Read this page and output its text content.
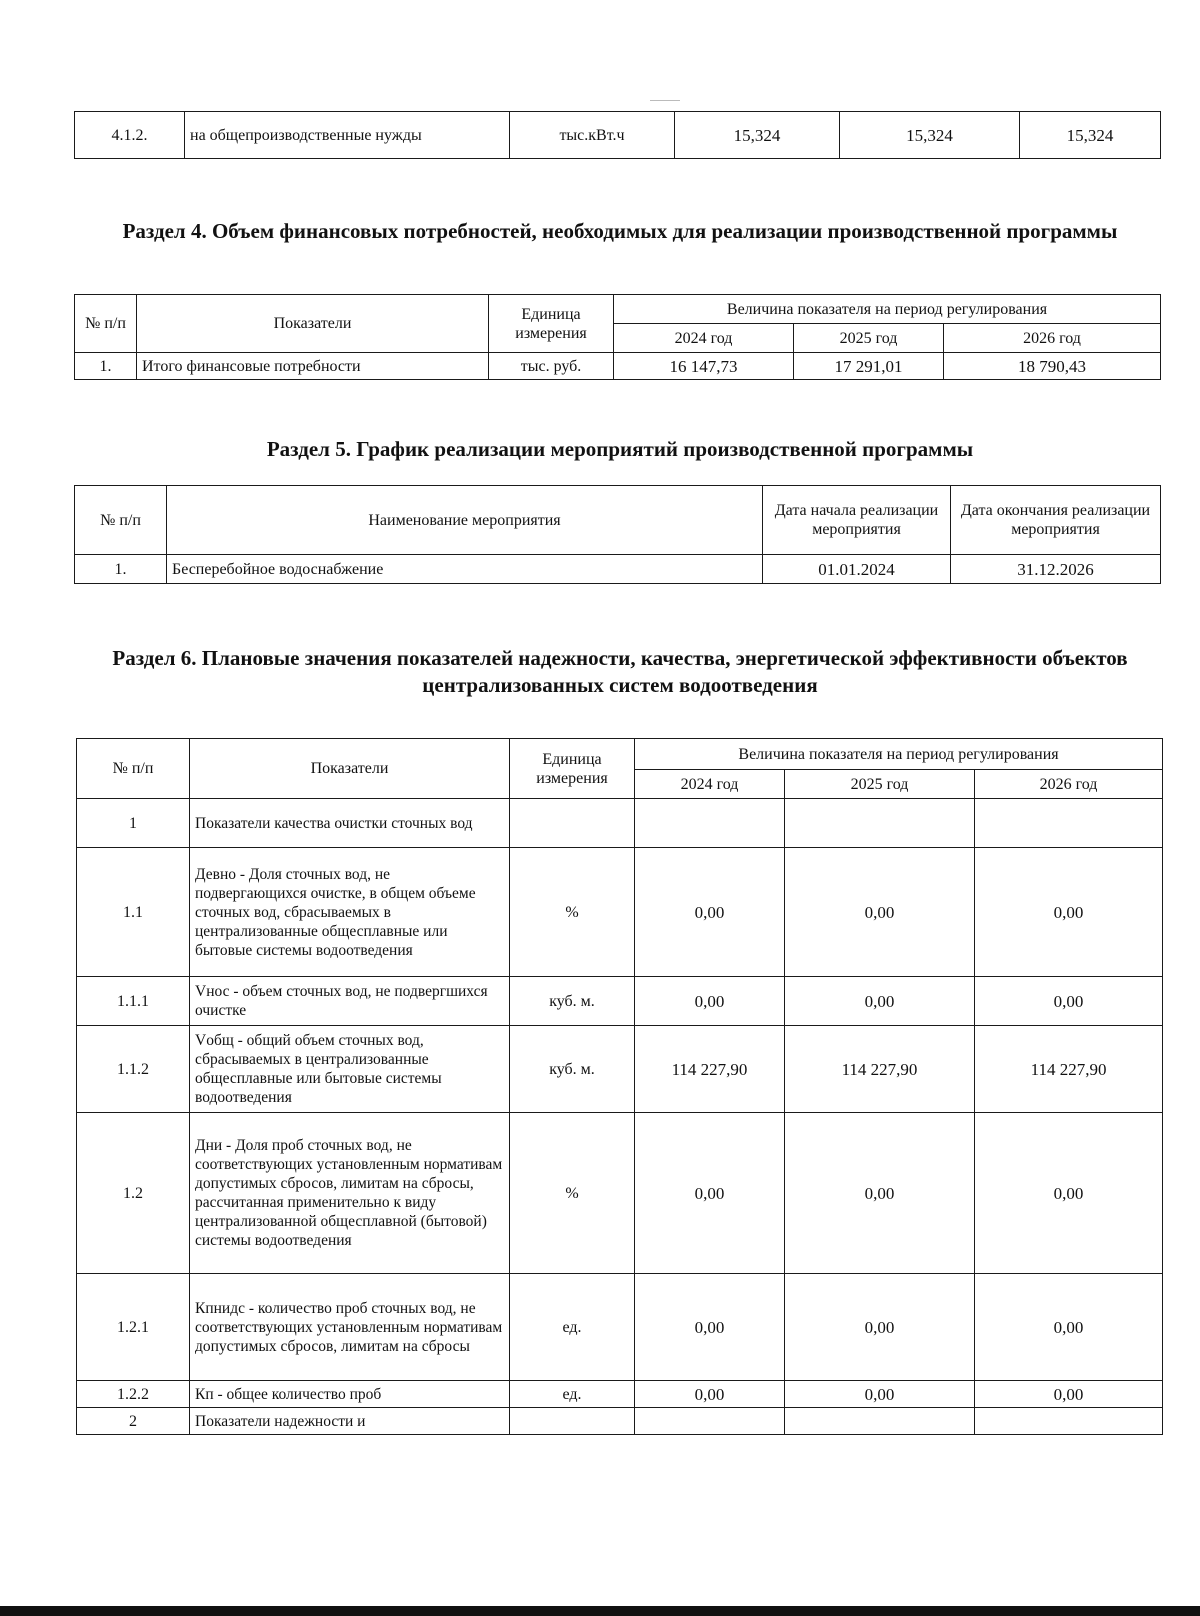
4.1.2.	на общепроизводственные нужды	тыс.кВт.ч	15,324	15,324	15,324
Раздел 4. Объем финансовых потребностей, необходимых для реализации производственной программы
№ п/п	Показатели	Единица измерения	Величина показателя на период регулирования		
			2024 год	2025 год	2026 год
1.	Итого финансовые потребности	тыс. руб.	16 147,73	17 291,01	18 790,43
Раздел 5. График реализации мероприятий производственной программы
№ п/п	Наименование мероприятия	Дата начала реализации мероприятия	Дата окончания реализации мероприятия
1.	Бесперебойное водоснабжение	01.01.2024	31.12.2026
Раздел 6. Плановые значения показателей надежности, качества, энергетической эффективности объектов централизованных систем водоотведения
№ п/п	Показатели	Единица измерения	Величина показателя на период регулирования		
			2024 год	2025 год	2026 год
1	Показатели качества очистки сточных вод				
1.1	Девно - Доля сточных вод, не подвергающихся очистке, в общем объеме сточных вод, сбрасываемых в централизованные общесплавные или бытовые системы водоотведения	%	0,00	0,00	0,00
1.1.1	Vнос - объем сточных вод, не подвергшихся очистке	куб. м.	0,00	0,00	0,00
1.1.2	Vобщ - общий объем сточных вод, сбрасываемых в централизованные общесплавные или бытовые системы водоотведения	куб. м.	114 227,90	114 227,90	114 227,90
1.2	Дни - Доля проб сточных вод, не соответствующих установленным нормативам допустимых сбросов, лимитам на сбросы, рассчитанная применительно к виду централизованной общесплавной (бытовой) системы водоотведения	%	0,00	0,00	0,00
1.2.1	Кпнидс - количество проб сточных вод, не соответствующих установленным нормативам допустимых сбросов, лимитам на сбросы	ед.	0,00	0,00	0,00
1.2.2	Кп - общее количество проб	ед.	0,00	0,00	0,00
2	Показатели надежности и				
